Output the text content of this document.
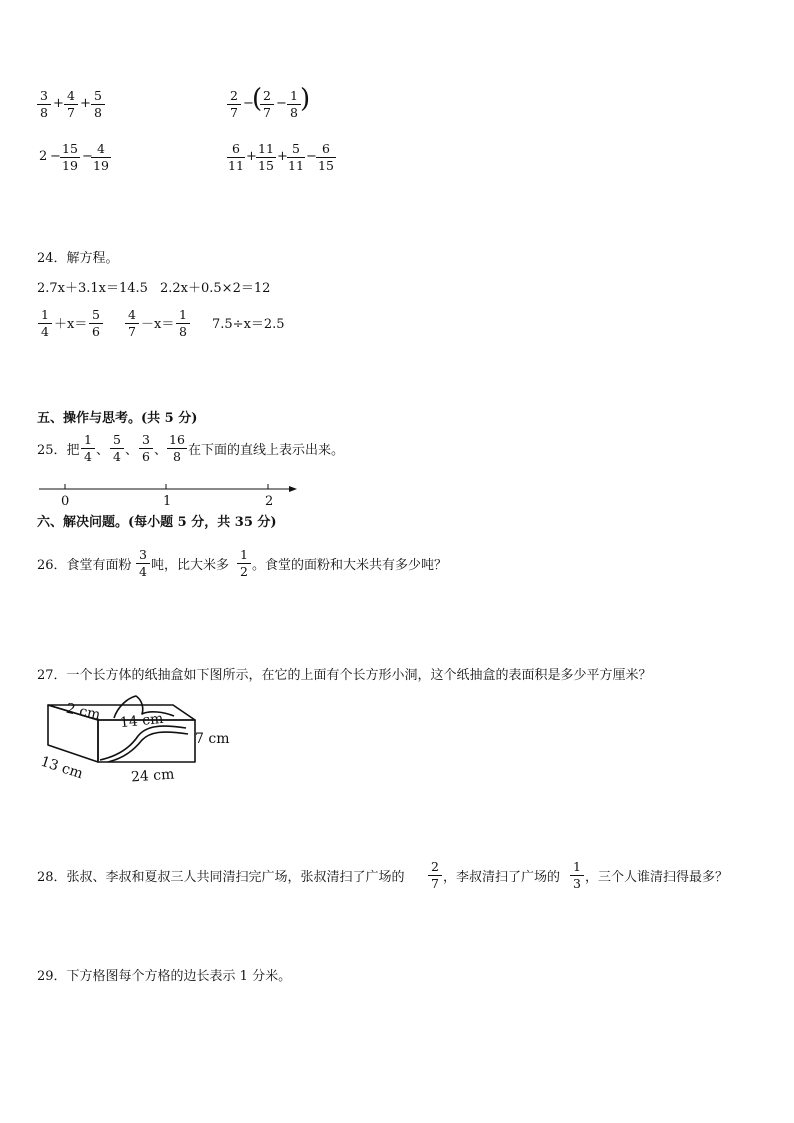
3
8
+
4
7
+
5
8
2
7
−
( 2
7
−
1
8 )
2 −
15
19
−
4
19
6
11
+
11
15
+
5
11
−
6
15
24．解方程。
2.7x＋3.1x＝14.5 2.2x＋0.5×2＝12
1
4 ＋x＝
5
6
4
7 －x＝
1
8 7.5÷x＝2.5
五、操作与思考。(共 5 分)
25．把
1
4 、
5
4 、
3
6 、
16
8 在下面的直线上表示出来。
0	1	2
六、解决问题。(每小题 5 分，共 35 分)
26．食堂有面粉
3
4 吨，比大米多
1
2 。食堂的面粉和大米共有多少吨？
27．一个长方体的纸抽盒如下图所示，在它的上面有个长方形小洞，这个纸抽盒的表面积是多少平方厘米？
2 cm 14 cm
7 cm
13 cm	24 cm
28．张叔、李叔和夏叔三人共同清扫完广场，张叔清扫了广场的
2
7 ，李叔清扫了广场的
1
3 ，三个人谁清扫得最多？
29．下方格图每个方格的边长表示 1 分米。
